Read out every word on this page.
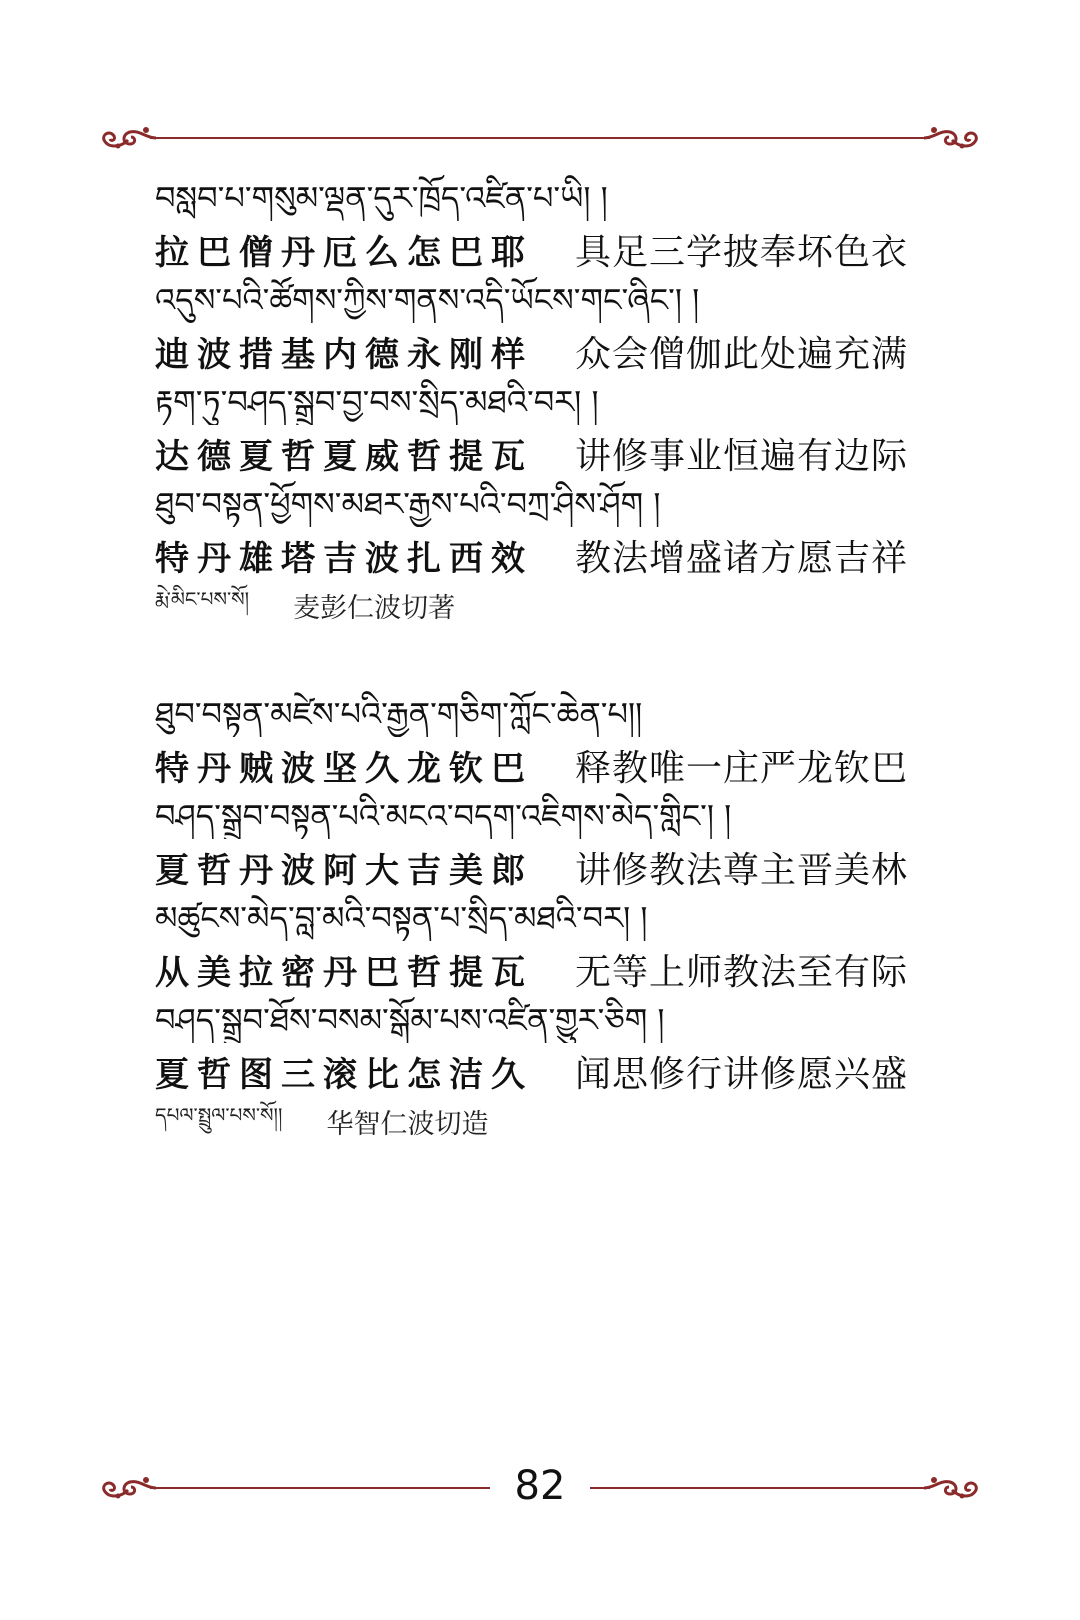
བསླབ་པ་གསུམ་ལྡན་དུར་ཁྲོད་འཛིན་པ་ཡི། །
拉巴僧丹厄么怎巴耶	具足三学披奉坏色衣
འདུས་པའི་ཚོགས་ཀྱིས་གནས་འདི་ཡོངས་གང་ཞིང་། །
迪波措基内德永刚样	众会僧伽此处遍充满
རྟག་ཏུ་བཤད་སྒྲུབ་བྱ་བས་སྲིད་མཐའི་བར། །
达德夏哲夏威哲提瓦	讲修事业恒遍有边际
ཐུབ་བསྟན་ཕྱོགས་མཐར་རྒྱས་པའི་བཀྲ་ཤིས་ཤོག །
特丹雄塔吉波扎西效	教法增盛诸方愿吉祥
རྨེ་མིང་པས་སོ། 麦彭仁波切著
ཐུབ་བསྟན་མཛེས་པའི་རྒྱན་གཅིག་ཀློང་ཆེན་པ།།
特丹贼波坚久龙钦巴	释教唯一庄严龙钦巴
བཤད་སྒྲུབ་བསྟན་པའི་མངའ་བདག་འཇིགས་མེད་གླིང་། །
夏哲丹波阿大吉美郎	讲修教法尊主晋美林
མཚུངས་མེད་བླ་མའི་བསྟན་པ་སྲིད་མཐའི་བར། །
从美拉密丹巴哲提瓦	无等上师教法至有际
བཤད་སྒྲུབ་ཐོས་བསམ་སྒོམ་པས་འཛིན་གྱུར་ཅིག །
夏哲图三滚比怎洁久	闻思修行讲修愿兴盛
དཔལ་སྤྲུལ་པས་སོ།། 华智仁波切造
82
